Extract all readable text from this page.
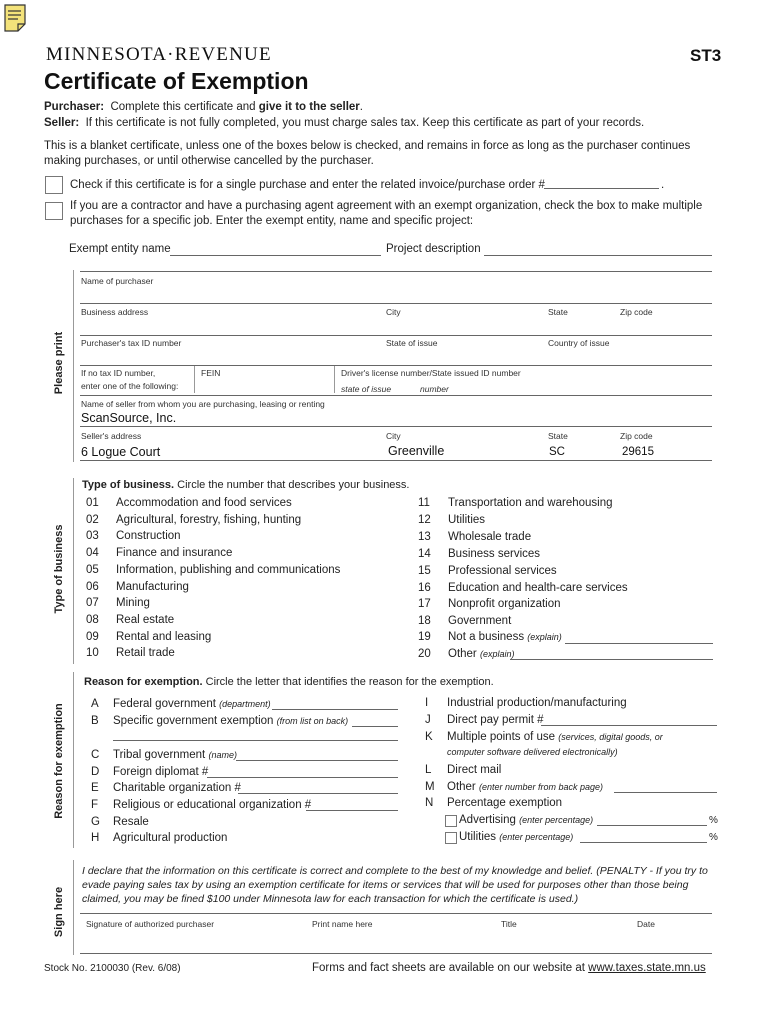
MINNESOTA·REVENUE	ST3
Certificate of Exemption
Purchaser: Complete this certificate and give it to the seller.
Seller: If this certificate is not fully completed, you must charge sales tax. Keep this certificate as part of your records.
This is a blanket certificate, unless one of the boxes below is checked, and remains in force as long as the purchaser continues making purchases, or until otherwise cancelled by the purchaser.
Check if this certificate is for a single purchase and enter the related invoice/purchase order #	.
If you are a contractor and have a purchasing agent agreement with an exempt organization, check the box to make multiple
purchases for a specific job. Enter the exempt entity, name and specific project:
Exempt entity name	Project description
Please print
Name of purchaser
Business address	City	State	Zip code
Purchaser's tax ID number	State of issue	Country of issue
If no tax ID number,
enter one of the following:
FEIN	Driver's license number/State issued ID number
state of issue	number
Name of seller from whom you are purchasing, leasing or renting
ScanSource, Inc.
Seller's address	City	State	Zip code
6 Logue Court	Greenville	SC	29615
Type of business
Type of business. Circle the number that describes your business.
01 Accommodation and food services
02 Agricultural, forestry, fishing, hunting
03 Construction
04 Finance and insurance
05 Information, publishing and communications
06 Manufacturing
07 Mining
08 Real estate
09 Rental and leasing
10 Retail trade
11 Transportation and warehousing
12 Utilities
13 Wholesale trade
14 Business services
15 Professional services
16 Education and health-care services
17 Nonprofit organization
18 Government
19 Not a business (explain)
20 Other (explain)
Reason for exemption
Reason for exemption. Circle the letter that identifies the reason for the exemption.
A Federal government (department)
B Specific government exemption (from list on back)
C Tribal government (name)
D Foreign diplomat #
E Charitable organization #
F Religious or educational organization #
G Resale
H Agricultural production
I Industrial production/manufacturing
J Direct pay permit #
K Multiple points of use (services, digital goods, or
computer software delivered electronically)
L Direct mail
M Other (enter number from back page)
N Percentage exemption
Advertising (enter percentage)	%
Utilities (enter percentage)	%
Sign here
I declare that the information on this certificate is correct and complete to the best of my knowledge and belief. (PENALTY - If you try to evade paying sales tax by using an exemption certificate for items or services that will be used for purposes other than those being claimed, you may be fined $100 under Minnesota law for each transaction for which the certificate is used.)
Signature of authorized purchaser	Print name here	Title	Date
Stock No. 2100030 (Rev. 6/08)	Forms and fact sheets are available on our website at www.taxes.state.mn.us
